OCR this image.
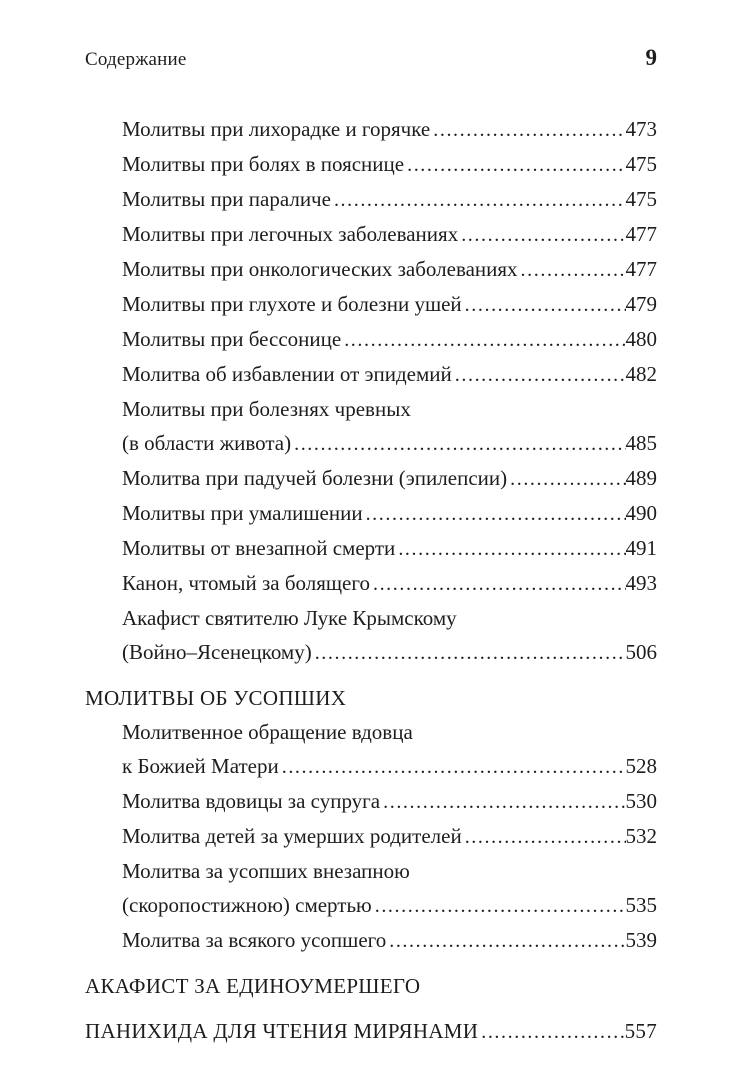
Содержание	9
Молитвы при лихорадке и горячке .....	473
Молитвы при болях в пояснице .....	475
Молитвы при параличе .....	475
Молитвы при легочных заболеваниях .....	477
Молитвы при онкологических заболеваниях .....	477
Молитвы при глухоте и болезни ушей .....	479
Молитвы при бессонице .....	480
Молитва об избавлении от эпидемий .....	482
Молитвы при болезнях чревных
(в области живота) .....	485
Молитва при падучей болезни (эпилепсии) .....	489
Молитвы при умалишении .....	490
Молитвы от внезапной смерти .....	491
Канон, чтомый за болящего .....	493
Акафист святителю Луке Крымскому
(Войно–Ясенецкому) .....	506
МОЛИТВЫ ОБ УСОПШИХ
Молитвенное обращение вдовца
к Божией Матери .....	528
Молитва вдовицы за супруга .....	530
Молитва детей за умерших родителей .....	532
Молитва за усопших внезапною
(скоропостижною) смертью .....	535
Молитва за всякого усопшего .....	539
АКАФИСТ ЗА ЕДИНОУМЕРШЕГО
ПАНИХИДА ДЛЯ ЧТЕНИЯ МИРЯНАМИ .....	557
